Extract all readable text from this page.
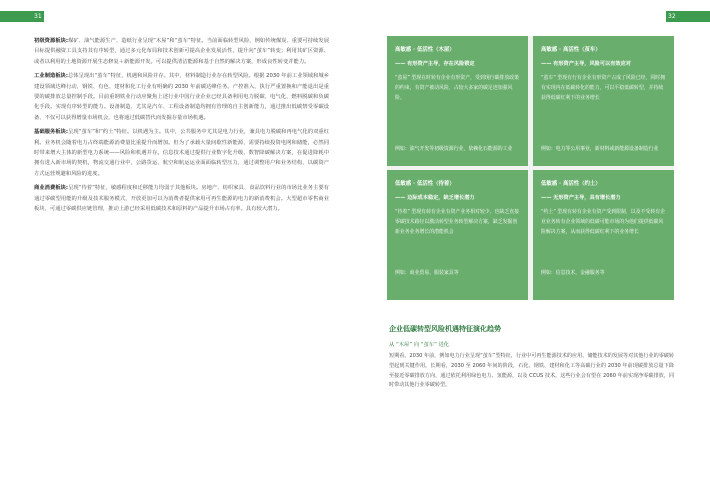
31	32

初级资源板块:煤矿、油气能源生产、造纸行业呈现“木屋”和“茧车”特征。当前面临转型风险，例如传统煤炭、重要可持续发展目标提供融资工具支持其有序转型，通过多元化布局和技术创新可提高企业发展活性，提升向“茧车”转变；利用其矿区资源、或者以利用的土地资源开展生态修复＋新能源开发。可以提供清洁能源和基于自然的解决方案，形成良性转变并能力。

工业制造板块:总体呈现出“茧车”特征，机遇和风险并存。其中，材料制造行业存在转型风险。根据 2030 年前工业领域和城乡建设领域达峰行动，钢铁、有色、建材和化工行业有明确的 2030 年前碳达峰任务。产控准入、执行严重置换和产能退出是重要的碳排放总量控制手段。目前重钢铁业行动应聚焦上述行业中国行业企业已经具备利用电力脱碳、电气化、燃料脱碳和负碳化手段。实现有序转型的能力。设备制造、尤其是汽车、工程设备制造均拥有管理的自主创新能力，通过推出低碳禁受零碳设备、不仅可以获得增量市场机会，也将通过低碳替代而发掘存量市场机遇。

基础服务板块:呈现“茧车”和“约土”特征。以机遇为主。其中，公共服务中尤其是电力行业，兼具电力脱碳和再电气化的双重红利。业务机会随着电力占终端能源消费量比重提升而增加。但为了承载大量间歇性新能源，需要持续投资电网和储能，必然同时带来增大主体的新型电力系统——风险和机遇并存。信息技术通过提供行业数字化升级、数智降碳解决方案，在促进降耗中拥有进入新市场的契机，物流交通行业中，公路货运、航空和航运运业面面临转型压力，通过调整用户和业务结构，以碳资产方式运营规避和风险的进度。

商业消费板块:呈现“待着”特征，敏感程度和迁移能力均弱于其他板块。房地产、纺织家具、食品饮料行业的市场比业务主要有通过零碳型用能的升级及技术服务模式，开放更加可以为消费者提供家用可再生能源的电力的新消费机会。大型超市零售商业板块，可通过零碳供应链管理，推动上游已经采用低碳技术和原料的产品提升市场占有率。具有较大潜力。

高敏感 · 低活性（木屋）
—— 有形资产主导，存在风险锁定
“茧屋” 型现在时转有企业有形资产，受到现行碳排放政策的约束，有资产被动风险，占较大多家的碳足迹加强风险。
例如：油气开发等初级资源行业，依赖化石能源的工业
高敏感 · 高活性（茧车）
—— 有形资产主导，风险可以有效应对
“茧车” 型现有行有企业有形资产占成了风险已经，同时拥有实现内在低碳转化的能力，可以平稳低碳转型，并持续获得低碳红利下的业务增长
例如：电力等公用事业，新材料或新能源设备制造行业
低敏感 · 低活性（待着）
—— 边际成本稳定，缺乏增长潜力
“待着” 型现有转有企业有资产业务相对较少，也缺乏直接零碳技术路径以激活转型业务转型解决方案，缺乏发掘创新业务业务增长的潜能机会
例如：商业贸易、服装家具等
低敏感 · 高活性（约土）
—— 无形资产主导，具有增长潜力
“约土” 型现有转有企业有资产受到限制，以及不受转有企业业务转有企业领域的低碳可能市场的为他们提供低碳风险解决方案，从而获得低碳红利下的业务增长
例如：信息技术，金融服务等
企业低碳转型风险机遇特征演化趋势
从 “木屋” 向 “茧车” 进化
短期看，2030 年前，例如电力行业呈现“茧车”型特征，行业中可再生能源技术的应用、储能技术的发展等对其他行业的零碳转型起到关键作用。长期看，2030 至 2060 年间的阶段，石化、钢铁、建材和化工等高碳行业的 2030 年前现碳排放总量下降至接近零碳排放方向，通过依托利用绿色电力、氢能源，以及 CCUS 技术。这些行业会有望在 2060 年前实现净零碳排放，同时带动其他行业零碳转型。
